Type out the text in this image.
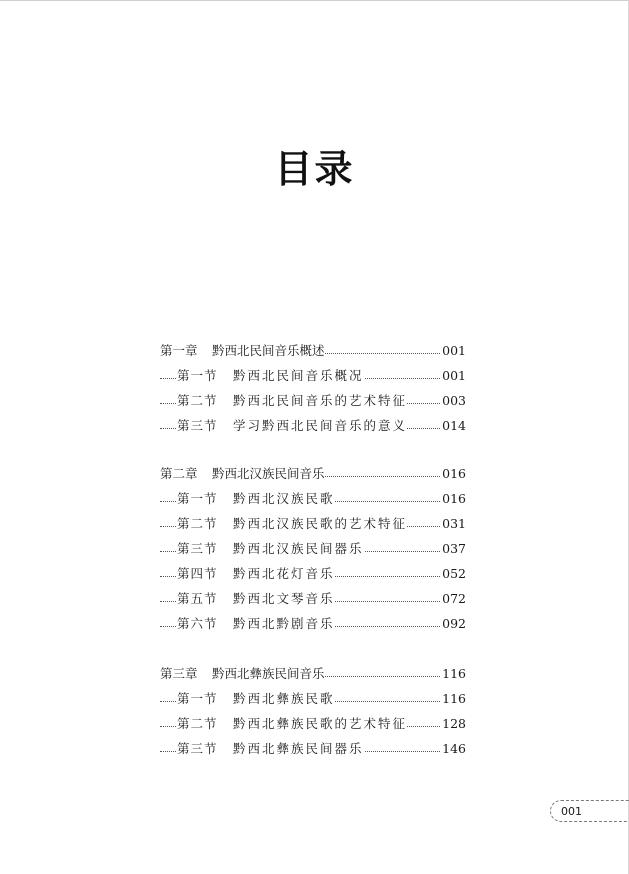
目录
第一章 黔西北民间音乐概述	001
第一节 黔西北民间音乐概况	001
第二节 黔西北民间音乐的艺术特征	003
第三节 学习黔西北民间音乐的意义	014
第二章 黔西北汉族民间音乐	016
第一节 黔西北汉族民歌	016
第二节 黔西北汉族民歌的艺术特征	031
第三节 黔西北汉族民间器乐	037
第四节 黔西北花灯音乐	052
第五节 黔西北文琴音乐	072
第六节 黔西北黔剧音乐	092
第三章 黔西北彝族民间音乐	116
第一节 黔西北彝族民歌	116
第二节 黔西北彝族民歌的艺术特征	128
第三节 黔西北彝族民间器乐	146
001
